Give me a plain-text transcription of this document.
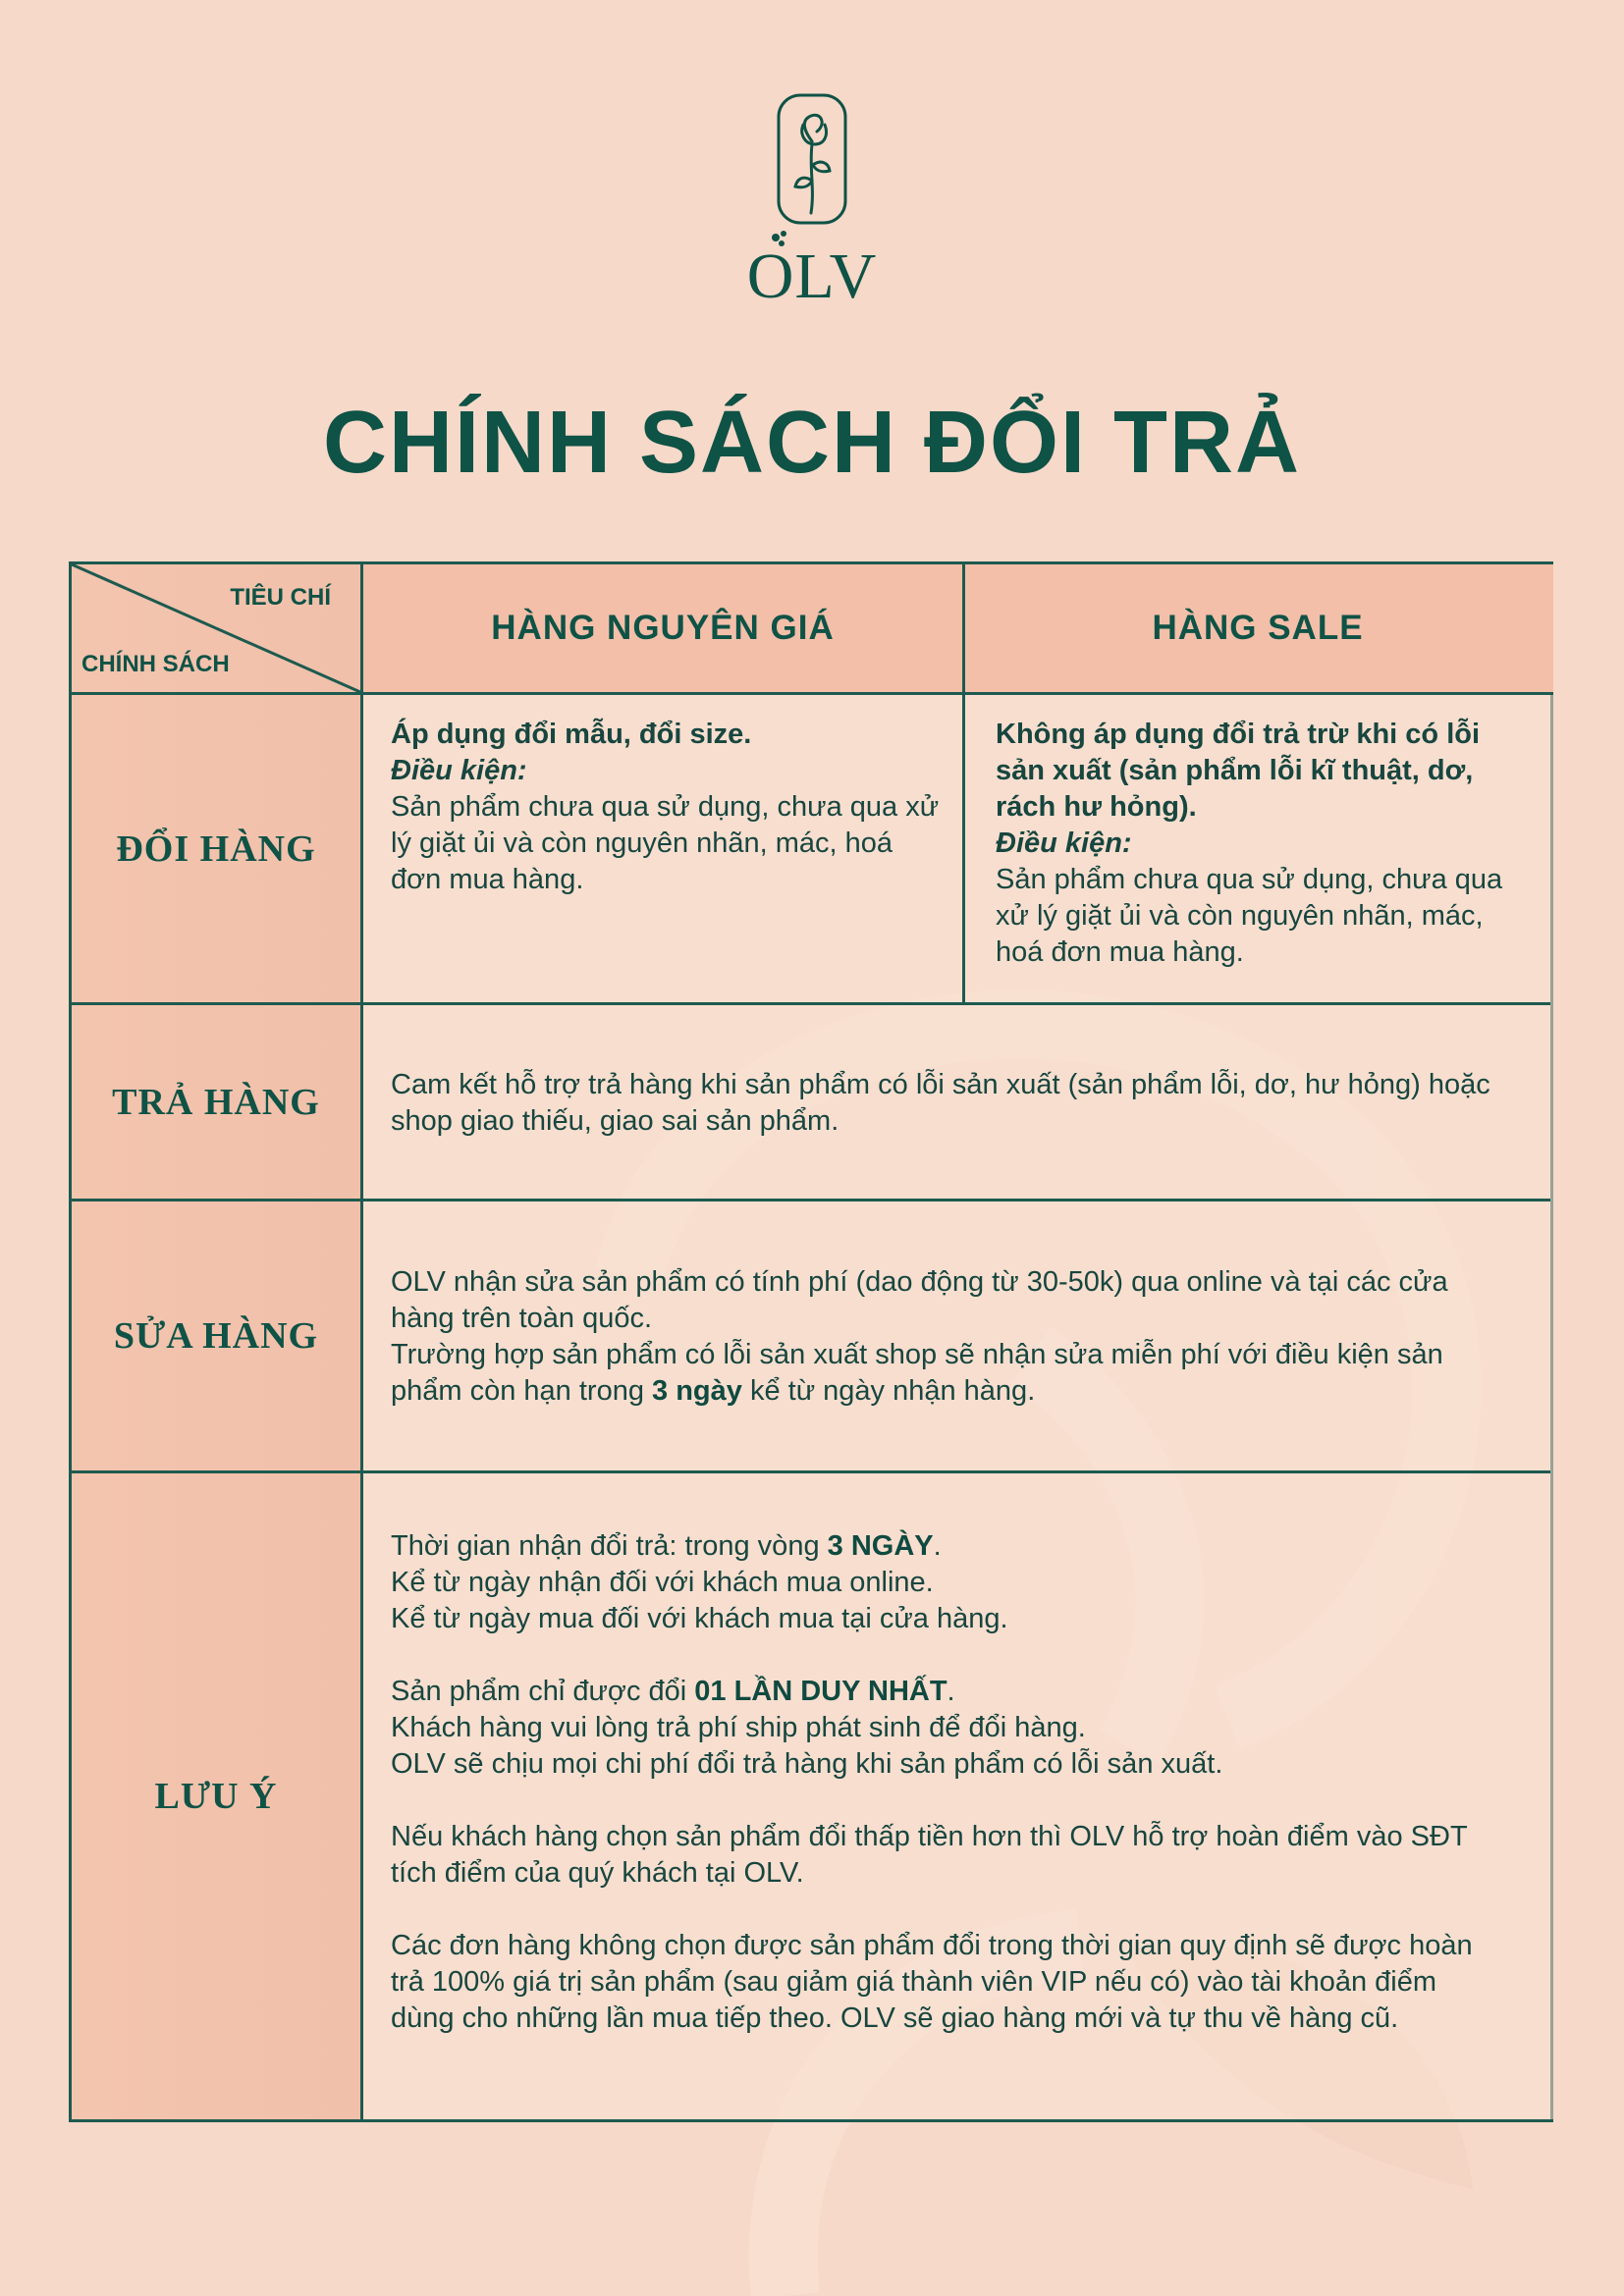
OLV
CHÍNH SÁCH ĐỔI TRẢ
TIÊU CHÍ
CHÍNH SÁCH
HÀNG NGUYÊN GIÁ	HÀNG SALE
ĐỔI HÀNG
Áp dụng đổi mẫu, đổi size.
Điều kiện:
Sản phẩm chưa qua sử dụng, chưa qua xử lý giặt ủi và còn nguyên nhãn, mác, hoá đơn mua hàng.
Không áp dụng đổi trả trừ khi có lỗi sản xuất (sản phẩm lỗi kĩ thuật, dơ, rách hư hỏng).
Điều kiện:
Sản phẩm chưa qua sử dụng, chưa qua xử lý giặt ủi và còn nguyên nhãn, mác, hoá đơn mua hàng.
TRẢ HÀNG	Cam kết hỗ trợ trả hàng khi sản phẩm có lỗi sản xuất (sản phẩm lỗi, dơ, hư hỏng) hoặc shop giao thiếu, giao sai sản phẩm.
SỬA HÀNG
OLV nhận sửa sản phẩm có tính phí (dao động từ 30-50k) qua online và tại các cửa hàng trên toàn quốc.
Trường hợp sản phẩm có lỗi sản xuất shop sẽ nhận sửa miễn phí với điều kiện sản phẩm còn hạn trong 3 ngày kể từ ngày nhận hàng.
LƯU Ý
Thời gian nhận đổi trả: trong vòng 3 NGÀY.
Kể từ ngày nhận đối với khách mua online.
Kể từ ngày mua đối với khách mua tại cửa hàng.
Sản phẩm chỉ được đổi 01 LẦN DUY NHẤT.
Khách hàng vui lòng trả phí ship phát sinh để đổi hàng.
OLV sẽ chịu mọi chi phí đổi trả hàng khi sản phẩm có lỗi sản xuất.
Nếu khách hàng chọn sản phẩm đổi thấp tiền hơn thì OLV hỗ trợ hoàn điểm vào SĐT tích điểm của quý khách tại OLV.
Các đơn hàng không chọn được sản phẩm đổi trong thời gian quy định sẽ được hoàn trả 100% giá trị sản phẩm (sau giảm giá thành viên VIP nếu có) vào tài khoản điểm dùng cho những lần mua tiếp theo. OLV sẽ giao hàng mới và tự thu về hàng cũ.
